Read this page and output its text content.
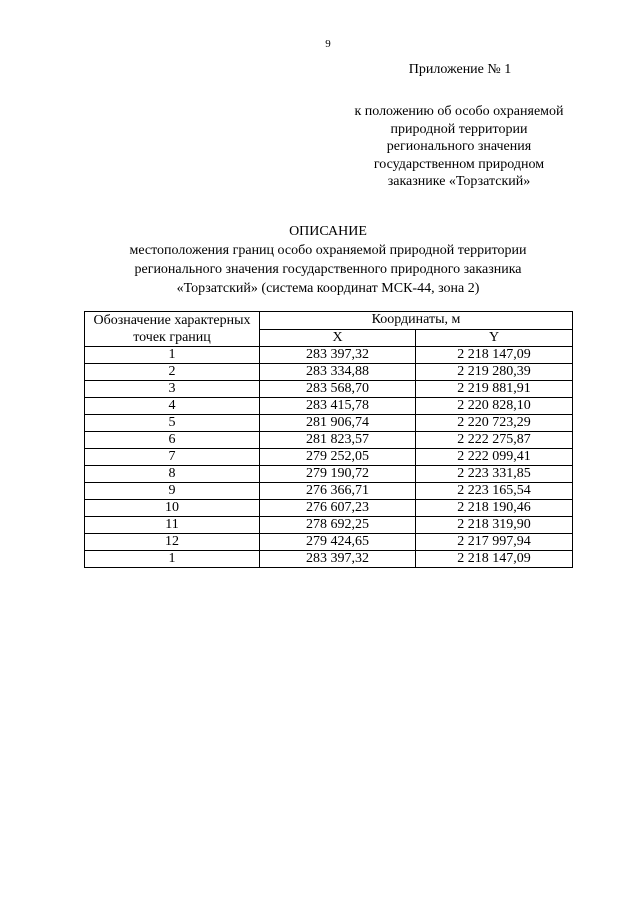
9
Приложение № 1
к положению об особо охраняемой
природной территории
регионального значения
государственном природном
заказнике «Торзатский»
ОПИСАНИЕ
местоположения границ особо охраняемой природной территории
регионального значения государственного природного заказника
«Торзатский» (система координат МСК-44, зона 2)
Обозначение характерных
точек границ	Координаты, м	
	X	Y
1	283 397,32	2 218 147,09
2	283 334,88	2 219 280,39
3	283 568,70	2 219 881,91
4	283 415,78	2 220 828,10
5	281 906,74	2 220 723,29
6	281 823,57	2 222 275,87
7	279 252,05	2 222 099,41
8	279 190,72	2 223 331,85
9	276 366,71	2 223 165,54
10	276 607,23	2 218 190,46
11	278 692,25	2 218 319,90
12	279 424,65	2 217 997,94
1	283 397,32	2 218 147,09
